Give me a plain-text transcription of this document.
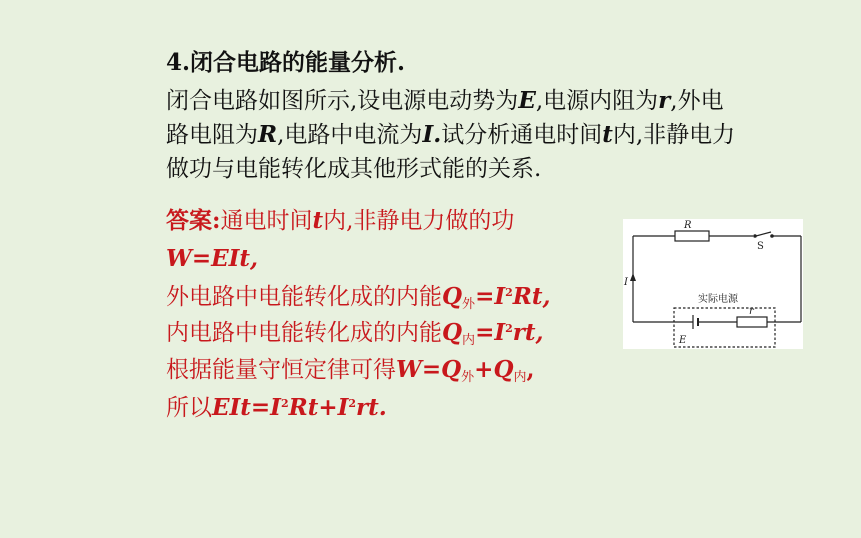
4.闭合电路的能量分析.
闭合电路如图所示,设电源电动势为E,电源内阻为r,外电
路电阻为R,电路中电流为I.试分析通电时间t内,非静电力
做功与电能转化成其他形式能的关系.
答案:通电时间t内,非静电力做的功
W=EIt,
外电路中电能转化成的内能$Q_外=I^2Rt$,
内电路中电能转化成的内能$Q_内=I^2rt$,
根据能量守恒定律可得$W=Q_外+Q_内$,
所以$EIt=I^2Rt+I^2rt$.
R
S
I
E
r
实际电源
